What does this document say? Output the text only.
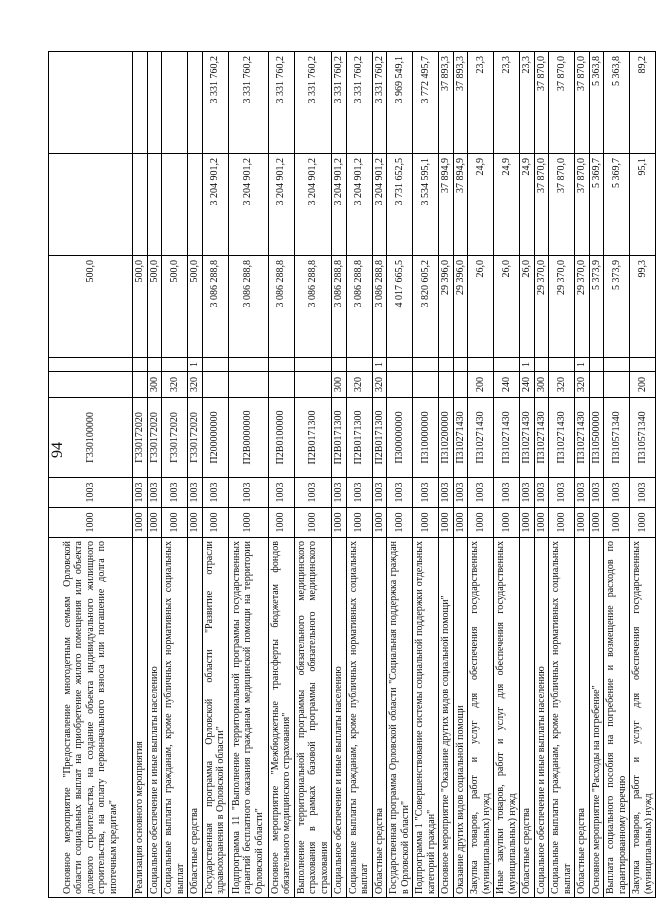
94
Основное мероприятие "Предоставление многодетным семьям Орловской области социальных выплат на приобретение жилого помещения или объекта долевого строительства, на создание объекта индивидуального жилищного строительства, на оплату первоначального взноса или погашение долга по ипотечным кредитам"	1000	1003	Г330100000			500,0		
Реализация основного мероприятия	1000	1003	Г330172020			500,0		
Социальное обеспечение и иные выплаты населению	1000	1003	Г330172020	300		500,0		
Социальные выплаты гражданам, кроме публичных нормативных социальных выплат	1000	1003	Г330172020	320		500,0		
Областные средства	1000	1003	Г330172020	320	1	500,0		
Государственная программа Орловской области "Развитие отрасли здравоохранения в Орловской области"	1000	1003	П200000000			3 086 288,8	3 204 901,2	3 331 760,2
Подпрограмма 11 "Выполнение территориальной программы государственных гарантий бесплатного оказания гражданам медицинской помощи на территории Орловской области"	1000	1003	П2В0000000			3 086 288,8	3 204 901,2	3 331 760,2
Основное мероприятие "Межбюджетные трансферты бюджетам фондов обязательного медицинского страхования"	1000	1003	П2В0100000			3 086 288,8	3 204 901,2	3 331 760,2
Выполнение территориальной программы обязательного медицинского страхования в рамках базовой программы обязательного медицинского страхования	1000	1003	П2В0171300			3 086 288,8	3 204 901,2	3 331 760,2
Социальное обеспечение и иные выплаты населению	1000	1003	П2В0171300	300		3 086 288,8	3 204 901,2	3 331 760,2
Социальные выплаты гражданам, кроме публичных нормативных социальных выплат	1000	1003	П2В0171300	320		3 086 288,8	3 204 901,2	3 331 760,2
Областные средства	1000	1003	П2В0171300	320	1	3 086 288,8	3 204 901,2	3 331 760,2
Государственная программа Орловской области "Социальная поддержка граждан в Орловской области"	1000	1003	П300000000			4 017 665,5	3 731 652,5	3 969 549,1
Подпрограмма 1 "Совершенствование системы социальной поддержки отдельных категорий граждан"	1000	1003	П310000000			3 820 605,2	3 534 595,1	3 772 495,7
Основное мероприятие "Оказание других видов социальной помощи"	1000	1003	П310200000			29 396,0	37 894,9	37 893,3
Оказание других видов социальной помощи	1000	1003	П310271430			29 396,0	37 894,9	37 893,3
Закупка товаров, работ и услуг для обеспечения государственных (муниципальных) нужд	1000	1003	П310271430	200		26,0	24,9	23,3
Иные закупки товаров, работ и услуг для обеспечения государственных (муниципальных) нужд	1000	1003	П310271430	240		26,0	24,9	23,3
Областные средства	1000	1003	П310271430	240	1	26,0	24,9	23,3
Социальное обеспечение и иные выплаты населению	1000	1003	П310271430	300		29 370,0	37 870,0	37 870,0
Социальные выплаты гражданам, кроме публичных нормативных социальных выплат	1000	1003	П310271430	320		29 370,0	37 870,0	37 870,0
Областные средства	1000	1003	П310271430	320	1	29 370,0	37 870,0	37 870,0
Основное мероприятие "Расходы на погребение"	1000	1003	П310500000			5 373,9	5 369,7	5 363,8
Выплата социального пособия на погребение и возмещение расходов по гарантированному перечню	1000	1003	П310571340			5 373,9	5 369,7	5 363,8
Закупка товаров, работ и услуг для обеспечения государственных (муниципальных) нужд	1000	1003	П310571340	200		99,3	95,1	89,2
